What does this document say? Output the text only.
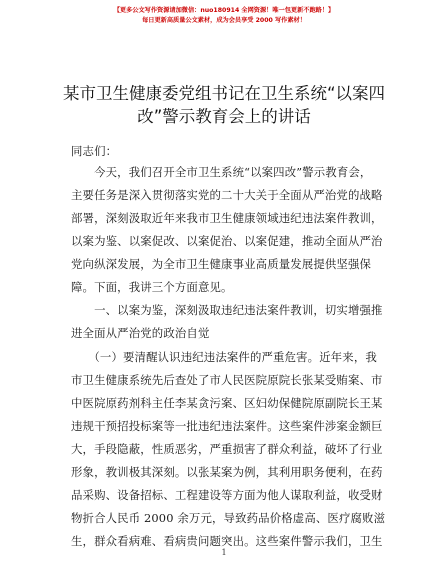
【更多公文写作资源请加微信：nuo180914 全网资源！唯一包更新不跑路！】
每日更新高质量公文素材，成为会员享受 2000 写作素材！
某市卫生健康委党组书记在卫生系统“以案四
改”警示教育会上的讲话
同志们：
　　今天，我们召开全市卫生系统“以案四改”警示教育会，
主要任务是深入贯彻落实党的二十大关于全面从严治党的战略
部署，深刻汲取近年来我市卫生健康领域违纪违法案件教训，
以案为鉴、以案促改、以案促治、以案促建，推动全面从严治
党向纵深发展，为全市卫生健康事业高质量发展提供坚强保
障。下面，我讲三个方面意见。
　　一、以案为鉴，深刻汲取违纪违法案件教训，切实增强推
进全面从严治党的政治自觉
　　（一）要清醒认识违纪违法案件的严重危害。近年来，我
市卫生健康系统先后查处了市人民医院原院长张某受贿案、市
中医院原药剂科主任李某贪污案、区妇幼保健院原副院长王某
违规干预招投标案等一批违纪违法案件。这些案件涉案金额巨
大，手段隐蔽，性质恶劣，严重损害了群众利益，破坏了行业
形象，教训极其深刻。以张某案为例，其利用职务便利，在药
品采购、设备招标、工程建设等方面为他人谋取利益，收受财
物折合人民币 2000 余万元，导致药品价格虚高、医疗腐败滋
生，群众看病难、看病贵问题突出。这些案件警示我们，卫生
1
